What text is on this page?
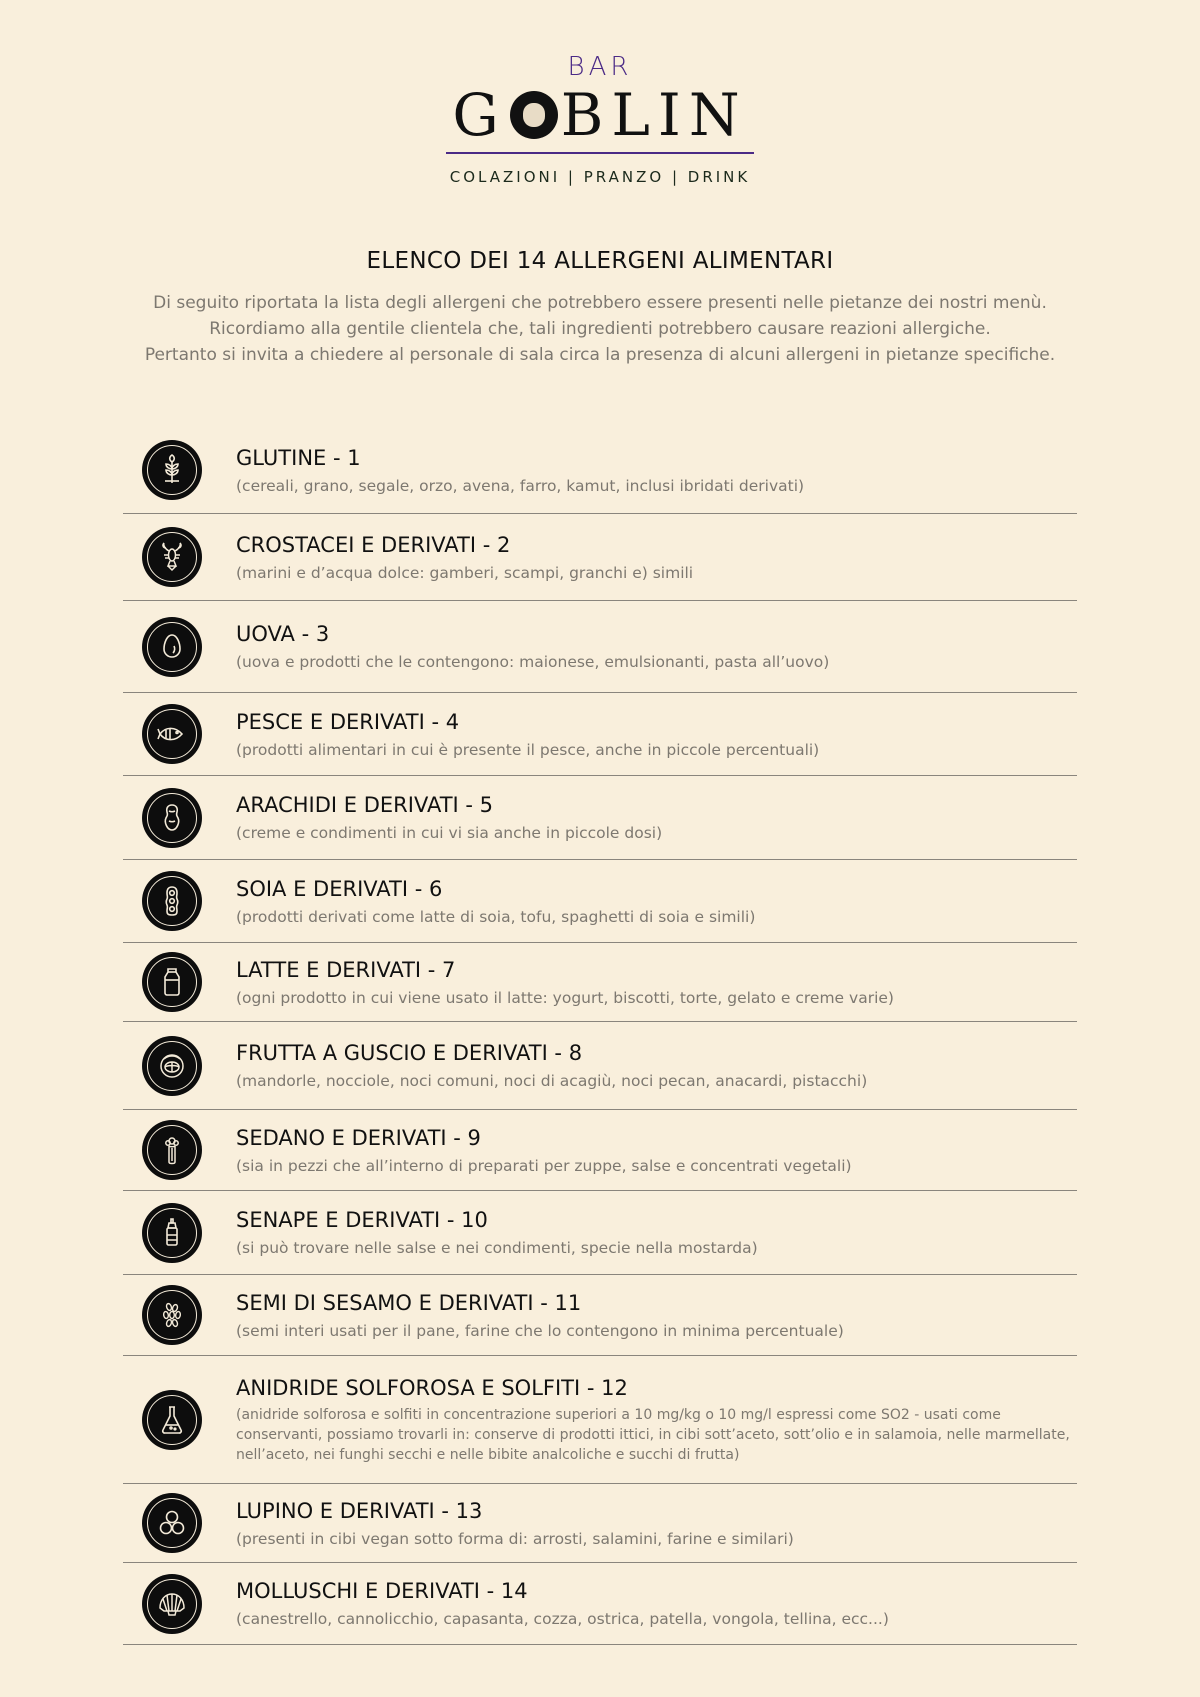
BAR
G BLIN
COLAZIONI | PRANZO | DRINK
ELENCO DEI 14 ALLERGENI ALIMENTARI
Di seguito riportata la lista degli allergeni che potrebbero essere presenti nelle pietanze dei nostri menù.
Ricordiamo alla gentile clientela che, tali ingredienti potrebbero causare reazioni allergiche.
Pertanto si invita a chiedere al personale di sala circa la presenza di alcuni allergeni in pietanze specifiche.
GLUTINE - 1
(cereali, grano, segale, orzo, avena, farro, kamut, inclusi ibridati derivati)
CROSTACEI E DERIVATI - 2
(marini e d’acqua dolce: gamberi, scampi, granchi e) simili
UOVA - 3
(uova e prodotti che le contengono: maionese, emulsionanti, pasta all’uovo)
PESCE E DERIVATI - 4
(prodotti alimentari in cui è presente il pesce, anche in piccole percentuali)
ARACHIDI E DERIVATI - 5
(creme e condimenti in cui vi sia anche in piccole dosi)
SOIA E DERIVATI - 6
(prodotti derivati come latte di soia, tofu, spaghetti di soia e simili)
LATTE E DERIVATI - 7
(ogni prodotto in cui viene usato il latte: yogurt, biscotti, torte, gelato e creme varie)
FRUTTA A GUSCIO E DERIVATI - 8
(mandorle, nocciole, noci comuni, noci di acagiù, noci pecan, anacardi, pistacchi)
SEDANO E DERIVATI - 9
(sia in pezzi che all’interno di preparati per zuppe, salse e concentrati vegetali)
SENAPE E DERIVATI - 10
(si può trovare nelle salse e nei condimenti, specie nella mostarda)
SEMI DI SESAMO E DERIVATI - 11
(semi interi usati per il pane, farine che lo contengono in minima percentuale)
ANIDRIDE SOLFOROSA E SOLFITI - 12
(anidride solforosa e solfiti in concentrazione superiori a 10 mg/kg o 10 mg/l espressi come SO2 - usati come conservanti, possiamo trovarli in: conserve di prodotti ittici, in cibi sott’aceto, sott’olio e in salamoia, nelle marmellate, nell’aceto, nei funghi secchi e nelle bibite analcoliche e succhi di frutta)
LUPINO E DERIVATI - 13
(presenti in cibi vegan sotto forma di: arrosti, salamini, farine e similari)
MOLLUSCHI E DERIVATI - 14
(canestrello, cannolicchio, capasanta, cozza, ostrica, patella, vongola, tellina, ecc...)
